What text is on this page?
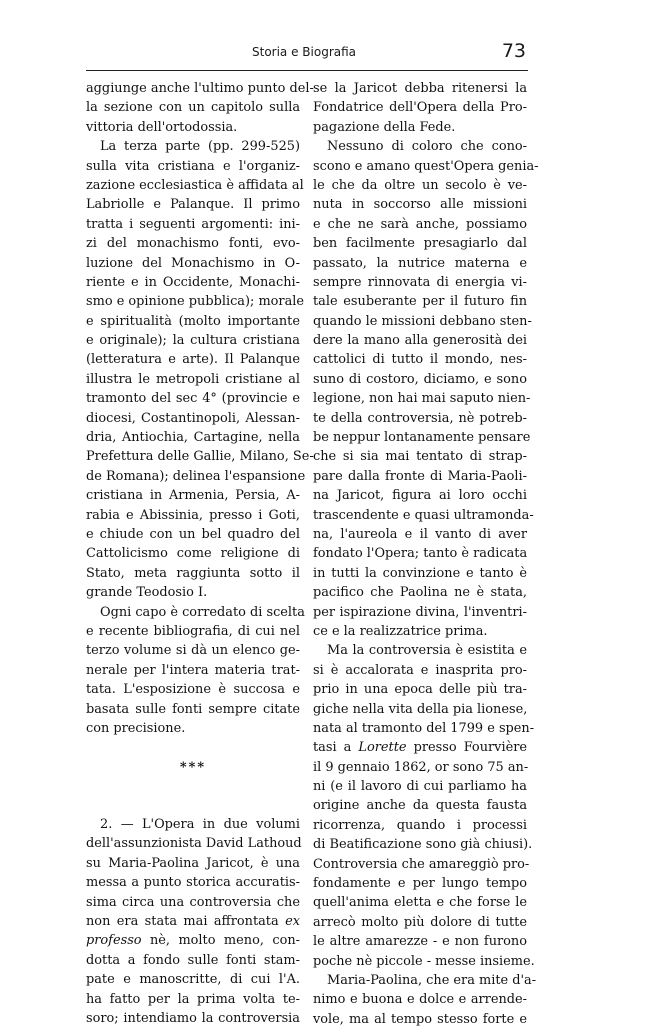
Storia e Biografia	73
aggiunge anche l'ultimo punto del-
la sezione con un capitolo sulla
vittoria dell'ortodossia.
La terza parte (pp. 299-525)
sulla vita cristiana e l'organiz-
zazione ecclesiastica è affidata al
Labriolle e Palanque. Il primo
tratta i seguenti argomenti: ini-
zi del monachismo fonti, evo-
luzione del Monachismo in O-
riente e in Occidente, Monachi-
smo e opinione pubblica); morale
e spiritualità (molto importante
e originale); la cultura cristiana
(letteratura e arte). Il Palanque
illustra le metropoli cristiane al
tramonto del sec 4° (provincie e
diocesi, Costantinopoli, Alessan-
dria, Antiochia, Cartagine, nella
Prefettura delle Gallie, Milano, Se-
de Romana); delinea l'espansione
cristiana in Armenia, Persia, A-
rabia e Abissinia, presso i Goti,
e chiude con un bel quadro del
Cattolicismo come religione di
Stato, meta raggiunta sotto il
grande Teodosio I.
Ogni capo è corredato di scelta
e recente bibliografia, di cui nel
terzo volume si dà un elenco ge-
nerale per l'intera materia trat-
tata. L'esposizione è succosa e
basata sulle fonti sempre citate
con precisione.
***
2. — L'Opera in due volumi
dell'assunzionista David Lathoud
su Maria-Paolina Jaricot, è una
messa a punto storica accuratis-
sima circa una controversia che
non era stata mai affrontata ex
professo nè, molto meno, con-
dotta a fondo sulle fonti stam-
pate e manoscritte, di cui l'A.
ha fatto per la prima volta te-
soro; intendiamo la controversia
se la Jaricot debba ritenersi la
Fondatrice dell'Opera della Pro-
pagazione della Fede.
Nessuno di coloro che cono-
scono e amano quest'Opera genia-
le che da oltre un secolo è ve-
nuta in soccorso alle missioni
e che ne sarà anche, possiamo
ben facilmente presagiarlo dal
passato, la nutrice materna e
sempre rinnovata di energia vi-
tale esuberante per il futuro fin
quando le missioni debbano sten-
dere la mano alla generosità dei
cattolici di tutto il mondo, nes-
suno di costoro, diciamo, e sono
legione, non hai mai saputo nien-
te della controversia, nè potreb-
be neppur lontanamente pensare
che si sia mai tentato di strap-
pare dalla fronte di Maria-Paoli-
na Jaricot, figura ai loro occhi
trascendente e quasi ultramonda-
na, l'aureola e il vanto di aver
fondato l'Opera; tanto è radicata
in tutti la convinzione e tanto è
pacifico che Paolina ne è stata,
per ispirazione divina, l'inventri-
ce e la realizzatrice prima.
Ma la controversia è esistita e
si è accalorata e inasprita pro-
prio in una epoca delle più tra-
giche nella vita della pia lionese,
nata al tramonto del 1799 e spen-
tasi a Lorette presso Fourvière
il 9 gennaio 1862, or sono 75 an-
ni (e il lavoro di cui parliamo ha
origine anche da questa fausta
ricorrenza, quando i processi
di Beatificazione sono già chiusi).
Controversia che amareggiò pro-
fondamente e per lungo tempo
quell'anima eletta e che forse le
arrecò molto più dolore di tutte
le altre amarezze - e non furono
poche nè piccole - messe insieme.
Maria-Paolina, che era mite d'a-
nimo e buona e dolce e arrende-
vole, ma al tempo stesso forte e
